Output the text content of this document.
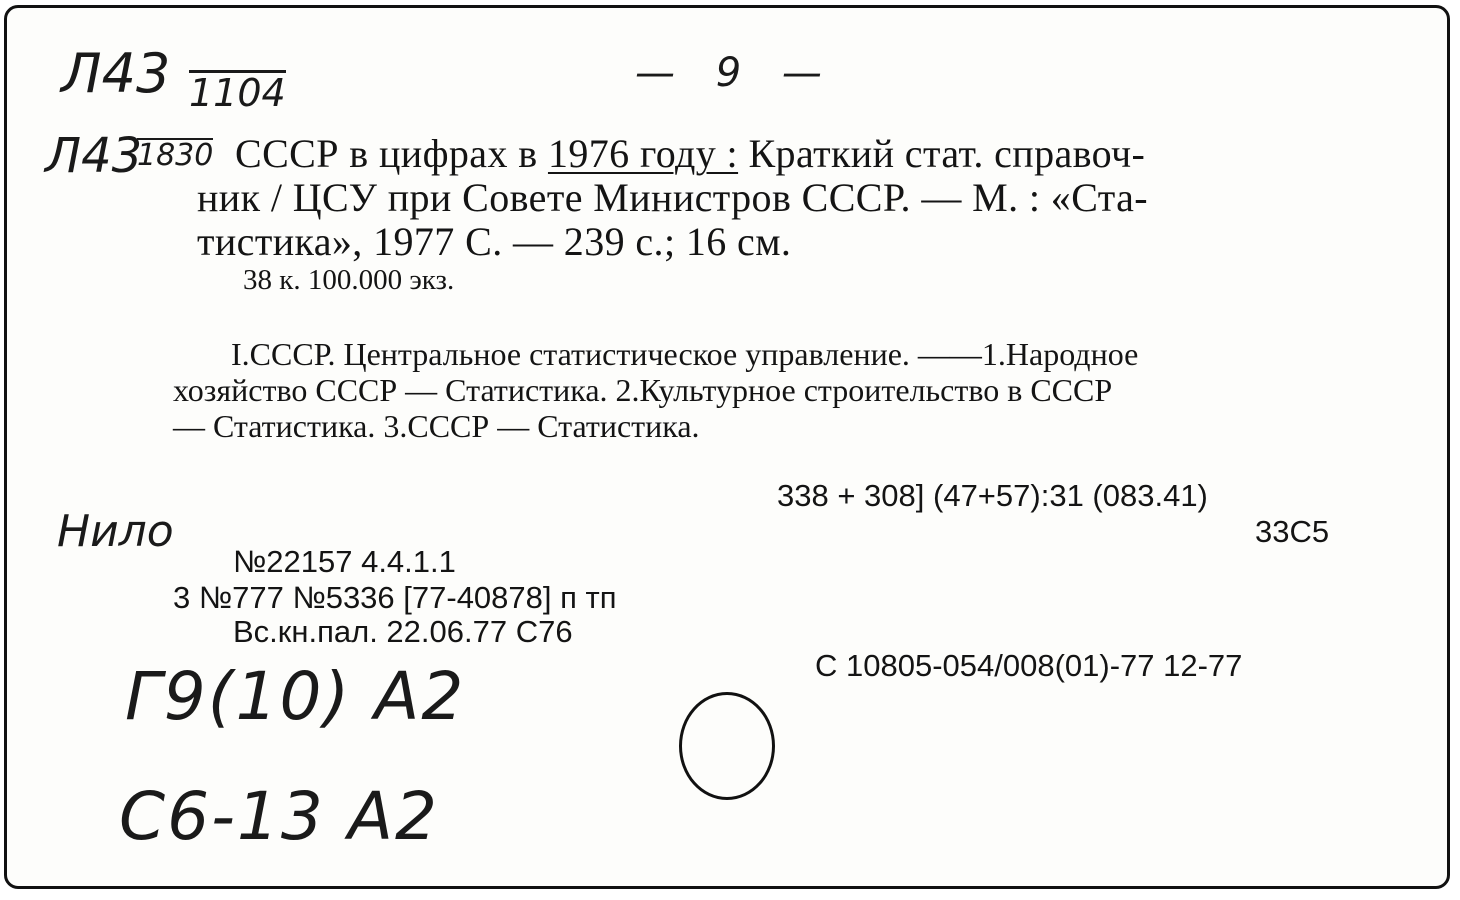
Л43 1104
Л43
1830
— 9 —
СССР в цифрах в 1976 году : Краткий стат. справоч-
ник / ЦСУ при Совете Министров СССР. — М. : «Ста-
тистика», 1977 С. — 239 с.; 16 см.
38 к. 100.000 экз.
I.СССР. Центральное статистическое управление. ——1.Народное
хозяйство СССР — Статистика. 2.Культурное строительство в СССР
— Статистика. 3.СССР — Статистика.
338 + 308] (47+57):31 (083.41)
33С5
Нило
№22157 4.4.1.1
3 №777 №5336 [77-40878] п тп
Вс.кн.пал. 22.06.77 С76
С 10805-054/008(01)-77 12-77
Г9(10) А2
С6-13 А2
